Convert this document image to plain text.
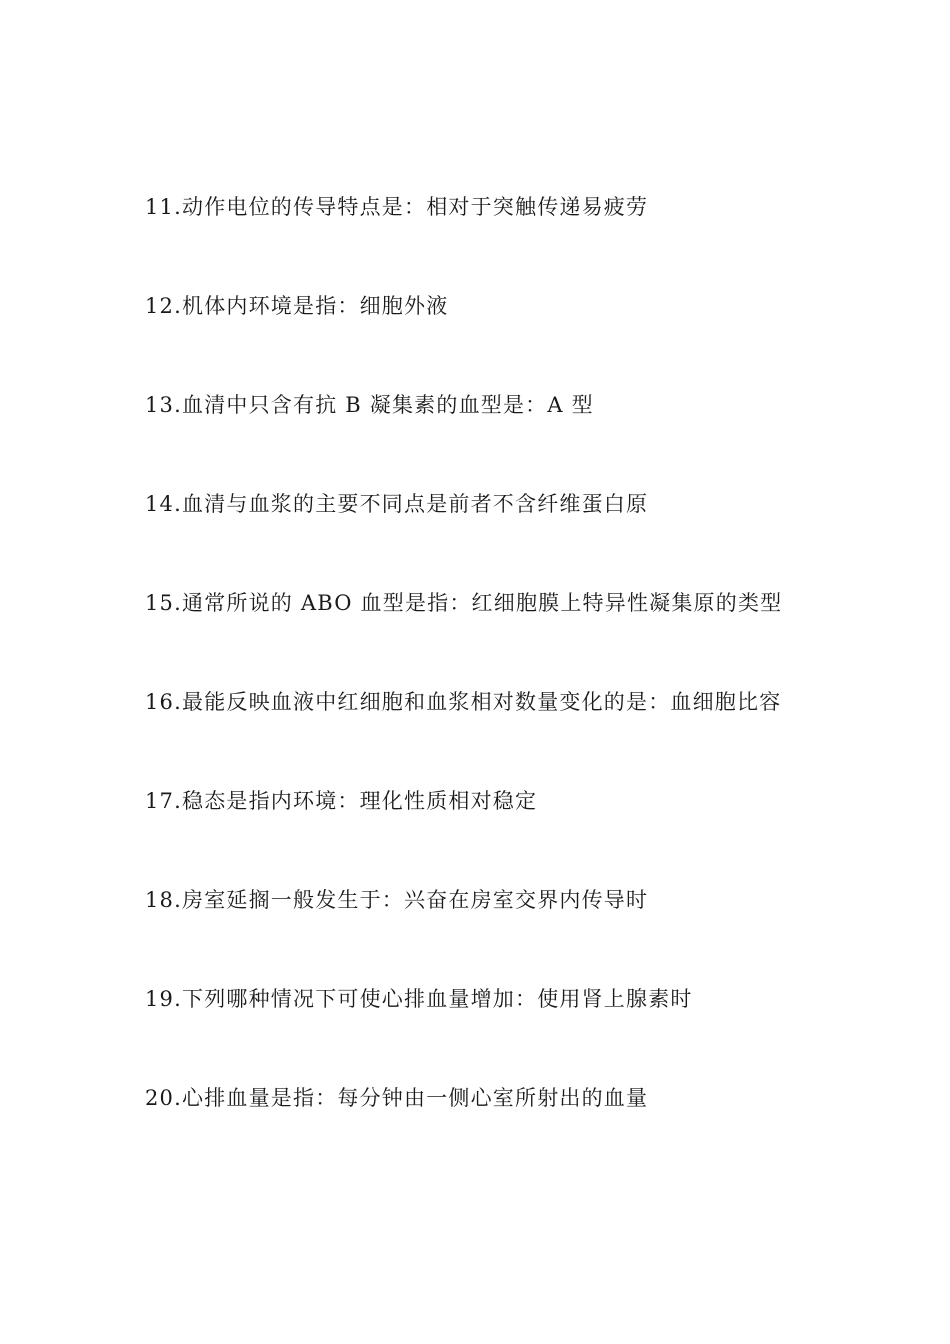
11.动作电位的传导特点是：相对于突触传递易疲劳
12.机体内环境是指：细胞外液
13.血清中只含有抗 B 凝集素的血型是：A 型
14.血清与血浆的主要不同点是前者不含纤维蛋白原
15.通常所说的 ABO 血型是指：红细胞膜上特异性凝集原的类型
16.最能反映血液中红细胞和血浆相对数量变化的是：血细胞比容
17.稳态是指内环境：理化性质相对稳定
18.房室延搁一般发生于：兴奋在房室交界内传导时
19.下列哪种情况下可使心排血量增加：使用肾上腺素时
20.心排血量是指：每分钟由一侧心室所射出的血量
